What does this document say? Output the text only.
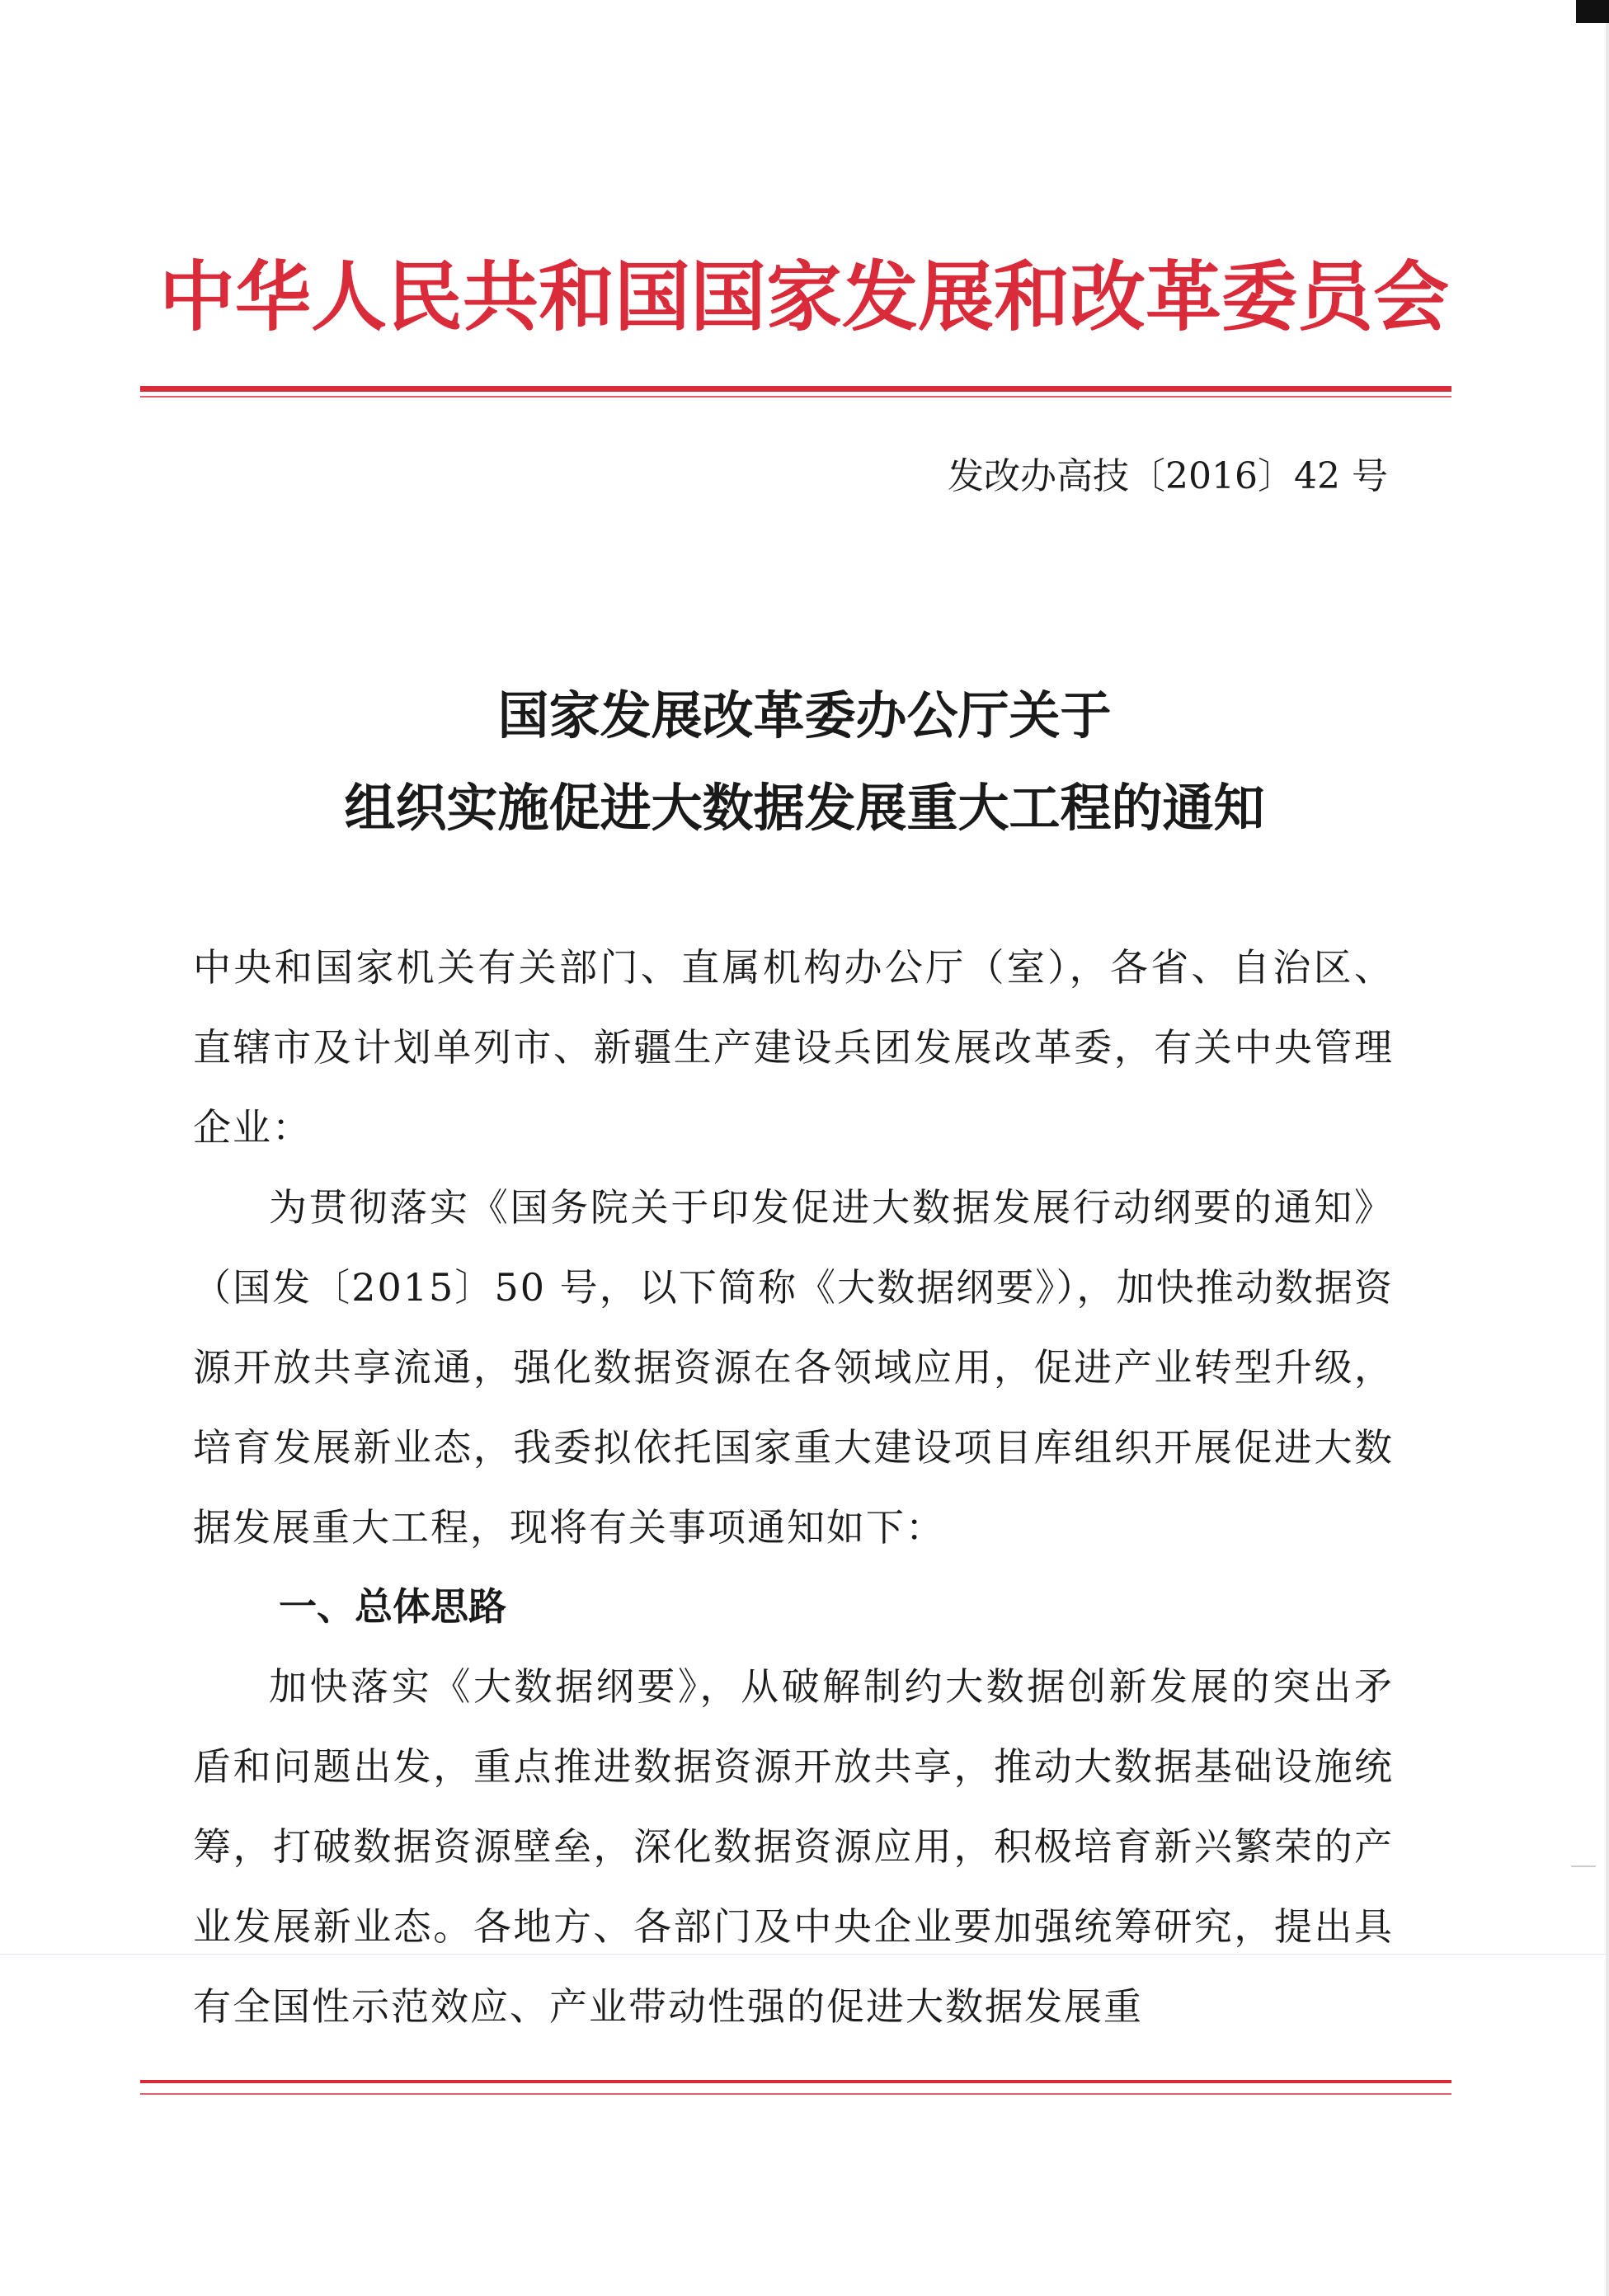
中华人民共和国国家发展和改革委员会
发改办高技〔2016〕42 号
国家发展改革委办公厅关于
组织实施促进大数据发展重大工程的通知
中央和国家机关有关部门、直属机构办公厅（室），各省、自治区、直辖市及计划单列市、新疆生产建设兵团发展改革委，有关中央管理企业：
为贯彻落实《国务院关于印发促进大数据发展行动纲要的通知》（国发〔2015〕50 号，以下简称《大数据纲要》），加快推动数据资源开放共享流通，强化数据资源在各领域应用，促进产业转型升级，培育发展新业态，我委拟依托国家重大建设项目库组织开展促进大数据发展重大工程，现将有关事项通知如下：
一、总体思路
加快落实《大数据纲要》，从破解制约大数据创新发展的突出矛盾和问题出发，重点推进数据资源开放共享，推动大数据基础设施统筹，打破数据资源壁垒，深化数据资源应用，积极培育新兴繁荣的产业发展新业态。各地方、各部门及中央企业要加强统筹研究，提出具有全国性示范效应、产业带动性强的促进大数据发展重
